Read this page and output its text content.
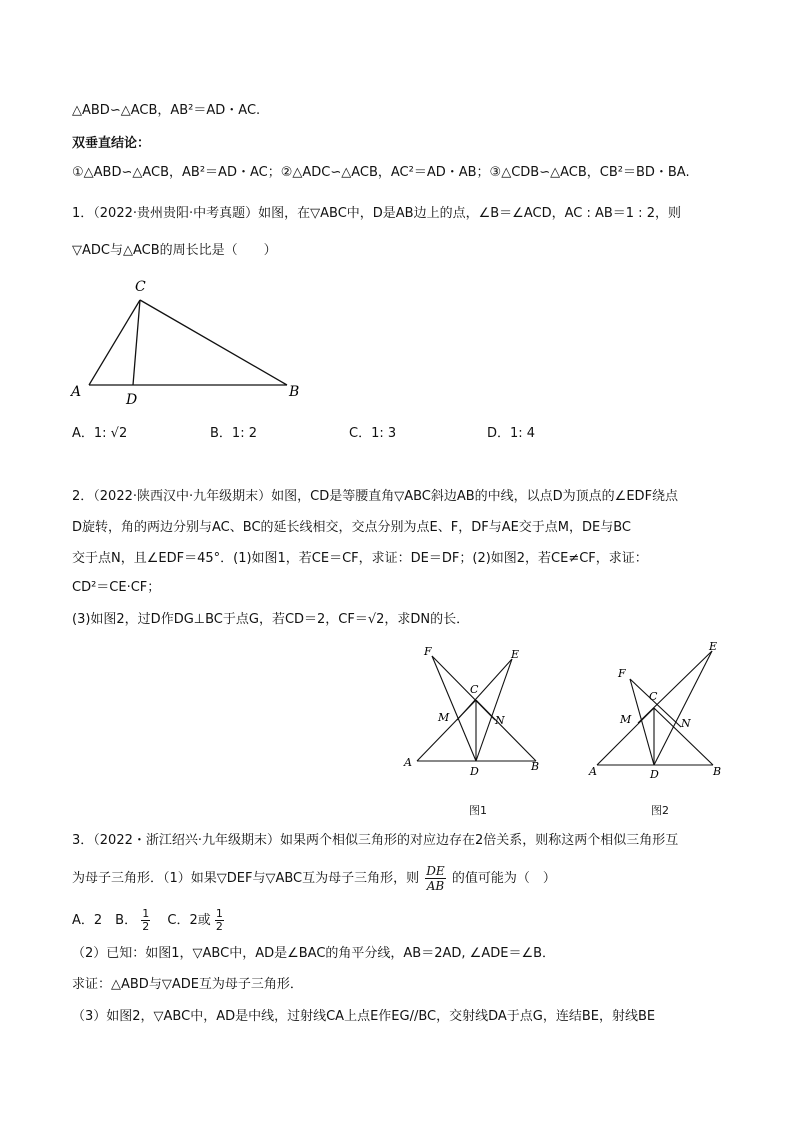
△ABD∽△ACB，AB²＝AD・AC.
双垂直结论：
①△ABD∽△ACB，AB²＝AD・AC；②△ADC∽△ACB，AC²＝AD・AB；③△CDB∽△ACB，CB²＝BD・BA.
1．（2022·贵州贵阳·中考真题）如图，在▽ABC中，D是AB边上的点，∠B＝∠ACD，AC : AB＝1 : 2，则
▽ADC与△ACB的周长比是（　　）
C
A	D	B
A．1: √2	B．1: 2	C．1: 3	D．1: 4
2．（2022·陕西汉中·九年级期末）如图，CD是等腰直角▽ABC斜边AB的中线，以点D为顶点的∠EDF绕点
D旋转，角的两边分别与AC、BC的延长线相交，交点分别为点E、F，DF与AE交于点M，DE与BC
交于点N，且∠EDF＝45°．(1)如图1，若CE＝CF，求证：DE＝DF；(2)如图2，若CE≠CF，求证：
CD²＝CE·CF；
(3)如图2，过D作DG⊥BC于点G，若CD＝2，CF＝√2，求DN的长．
F	E
C
M	N
A
D	B
图1
F
E
C
M	N
A	D	B
图2
3．（2022・浙江绍兴·九年级期末）如果两个相似三角形的对应边存在2倍关系，则称这两个相似三角形互
为母子三角形．（1）如果▽DEF与▽ABC互为母子三角形，则 $\frac{DE}{AB}$ 的值可能为（　）
A．2　B． $\frac{1}{2}$ 　C．2或 $\frac{1}{2}$
（2）已知：如图1，▽ABC中，AD是∠BAC的角平分线，AB＝2AD, ∠ADE＝∠B．
求证：△ABD与▽ADE互为母子三角形．
（3）如图2，▽ABC中，AD是中线，过射线CA上点E作EG//BC，交射线DA于点G，连结BE，射线BE
